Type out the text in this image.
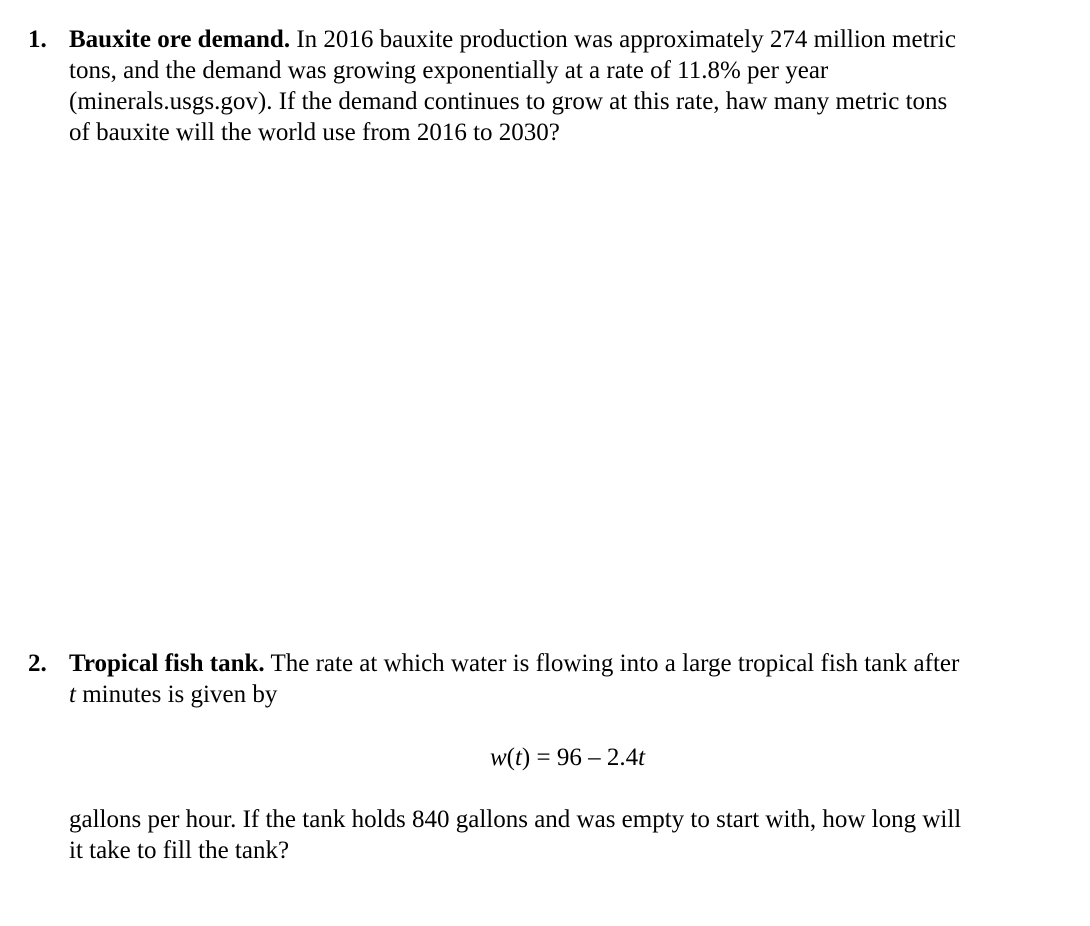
1. Bauxite ore demand. In 2016 bauxite production was approximately 274 million metric
tons, and the demand was growing exponentially at a rate of 11.8% per year
(minerals.usgs.gov). If the demand continues to grow at this rate, haw many metric tons
of bauxite will the world use from 2016 to 2030?
2. Tropical fish tank. The rate at which water is flowing into a large tropical fish tank after
t minutes is given by
w(t) = 96 – 2.4t
gallons per hour. If the tank holds 840 gallons and was empty to start with, how long will
it take to fill the tank?
